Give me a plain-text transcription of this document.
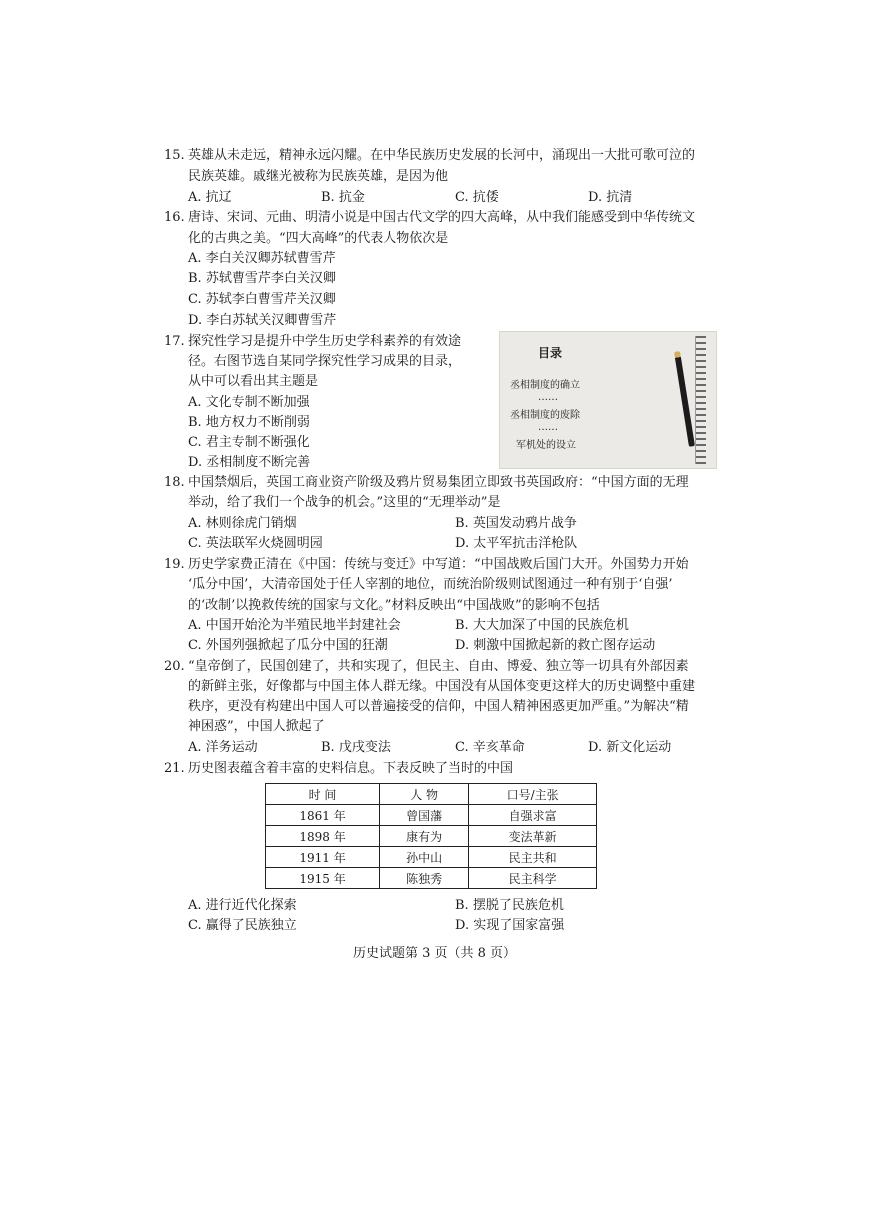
15. 英雄从未走远，精神永远闪耀。在中华民族历史发展的长河中，涌现出一大批可歌可泣的
民族英雄。戚继光被称为民族英雄，是因为他
A. 抗辽	B. 抗金	C. 抗倭	D. 抗清
16. 唐诗、宋词、元曲、明清小说是中国古代文学的四大高峰，从中我们能感受到中华传统文
化的古典之美。“四大高峰”的代表人物依次是
A. 李白关汉卿苏轼曹雪芹
B. 苏轼曹雪芹李白关汉卿
C. 苏轼李白曹雪芹关汉卿
D. 李白苏轼关汉卿曹雪芹
17. 探究性学习是提升中学生历史学科素养的有效途
径。右图节选自某同学探究性学习成果的目录，
从中可以看出其主题是
A. 文化专制不断加强
B. 地方权力不断削弱
C. 君主专制不断强化
D. 丞相制度不断完善
目录
丞相制度的确立
……
丞相制度的废除
……
军机处的设立
18. 中国禁烟后，英国工商业资产阶级及鸦片贸易集团立即致书英国政府：“中国方面的无理
举动，给了我们一个战争的机会。”这里的“无理举动”是
A. 林则徐虎门销烟	B. 英国发动鸦片战争
C. 英法联军火烧圆明园	D. 太平军抗击洋枪队
19. 历史学家费正清在《中国：传统与变迁》中写道：“中国战败后国门大开。外国势力开始
‘瓜分中国’，大清帝国处于任人宰割的地位，而统治阶级则试图通过一种有别于‘自强’
的‘改制’以挽救传统的国家与文化。”材料反映出“中国战败”的影响不包括
A. 中国开始沦为半殖民地半封建社会	B. 大大加深了中国的民族危机
C. 外国列强掀起了瓜分中国的狂潮	D. 刺激中国掀起新的救亡图存运动
20. “皇帝倒了，民国创建了，共和实现了，但民主、自由、博爱、独立等一切具有外部因素
的新鲜主张，好像都与中国主体人群无缘。中国没有从国体变更这样大的历史调整中重建
秩序，更没有构建出中国人可以普遍接受的信仰，中国人精神困惑更加严重。”为解决“精
神困惑”，中国人掀起了
A. 洋务运动	B. 戊戌变法	C. 辛亥革命	D. 新文化运动
21. 历史图表蕴含着丰富的史料信息。下表反映了当时的中国
时 间	人 物	口号/主张
1861 年	曾国藩	自强求富
1898 年	康有为	变法革新
1911 年	孙中山	民主共和
1915 年	陈独秀	民主科学
A. 进行近代化探索	B. 摆脱了民族危机
C. 赢得了民族独立	D. 实现了国家富强
历史试题第 3 页（共 8 页）
